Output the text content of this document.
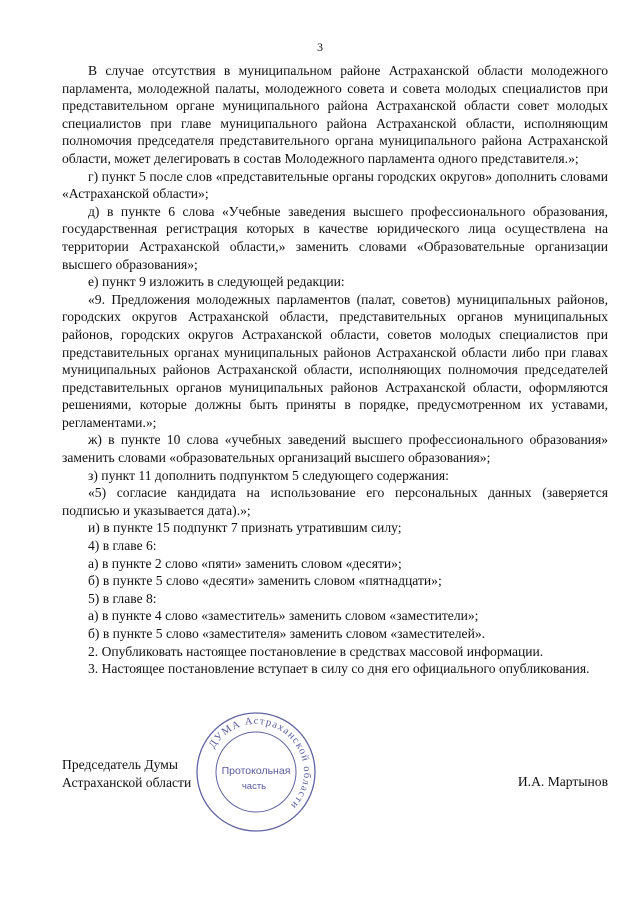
3

В случае отсутствия в муниципальном районе Астраханской области молодежного парламента, молодежной палаты, молодежного совета и совета молодых специалистов при представительном органе муниципального района Астраханской области совет молодых специалистов при главе муниципального района Астраханской области, исполняющим полномочия председателя представительного органа муниципального района Астраханской области, может делегировать в состав Молодежного парламента одного представителя.»;

г) пункт 5 после слов «представительные органы городских округов» дополнить словами «Астраханской области»;

д) в пункте 6 слова «Учебные заведения высшего профессионального образования, государственная регистрация которых в качестве юридического лица осуществлена на территории Астраханской области,» заменить словами «Образовательные организации высшего образования»;

е) пункт 9 изложить в следующей редакции:

«9. Предложения молодежных парламентов (палат, советов) муниципальных районов, городских округов Астраханской области, представительных органов муниципальных районов, городских округов Астраханской области, советов молодых специалистов при представительных органах муниципальных районов Астраханской области либо при главах муниципальных районов Астраханской области, исполняющих полномочия председателей представительных органов муниципальных районов Астраханской области, оформляются решениями, которые должны быть приняты в порядке, предусмотренном их уставами, регламентами.»;

ж) в пункте 10 слова «учебных заведений высшего профессионального образования» заменить словами «образовательных организаций высшего образования»;

з) пункт 11 дополнить подпунктом 5 следующего содержания:

«5) согласие кандидата на использование его персональных данных (заверяется подписью и указывается дата).»;

и) в пункте 15 подпункт 7 признать утратившим силу;

4) в главе 6:

а) в пункте 2 слово «пяти» заменить словом «десяти»;

б) в пункте 5 слово «десяти» заменить словом «пятнадцати»;

5) в главе 8:

а) в пункте 4 слово «заместитель» заменить словом «заместители»;

б) в пункте 5 слово «заместителя» заменить словом «заместителей».

2. Опубликовать настоящее постановление в средствах массовой информации.

3. Настоящее постановление вступает в силу со дня его официального опубликования.

Председатель Думы
Астраханской области	И.А. Мартынов
ДУМА Астраханской области
Протокольная
часть
